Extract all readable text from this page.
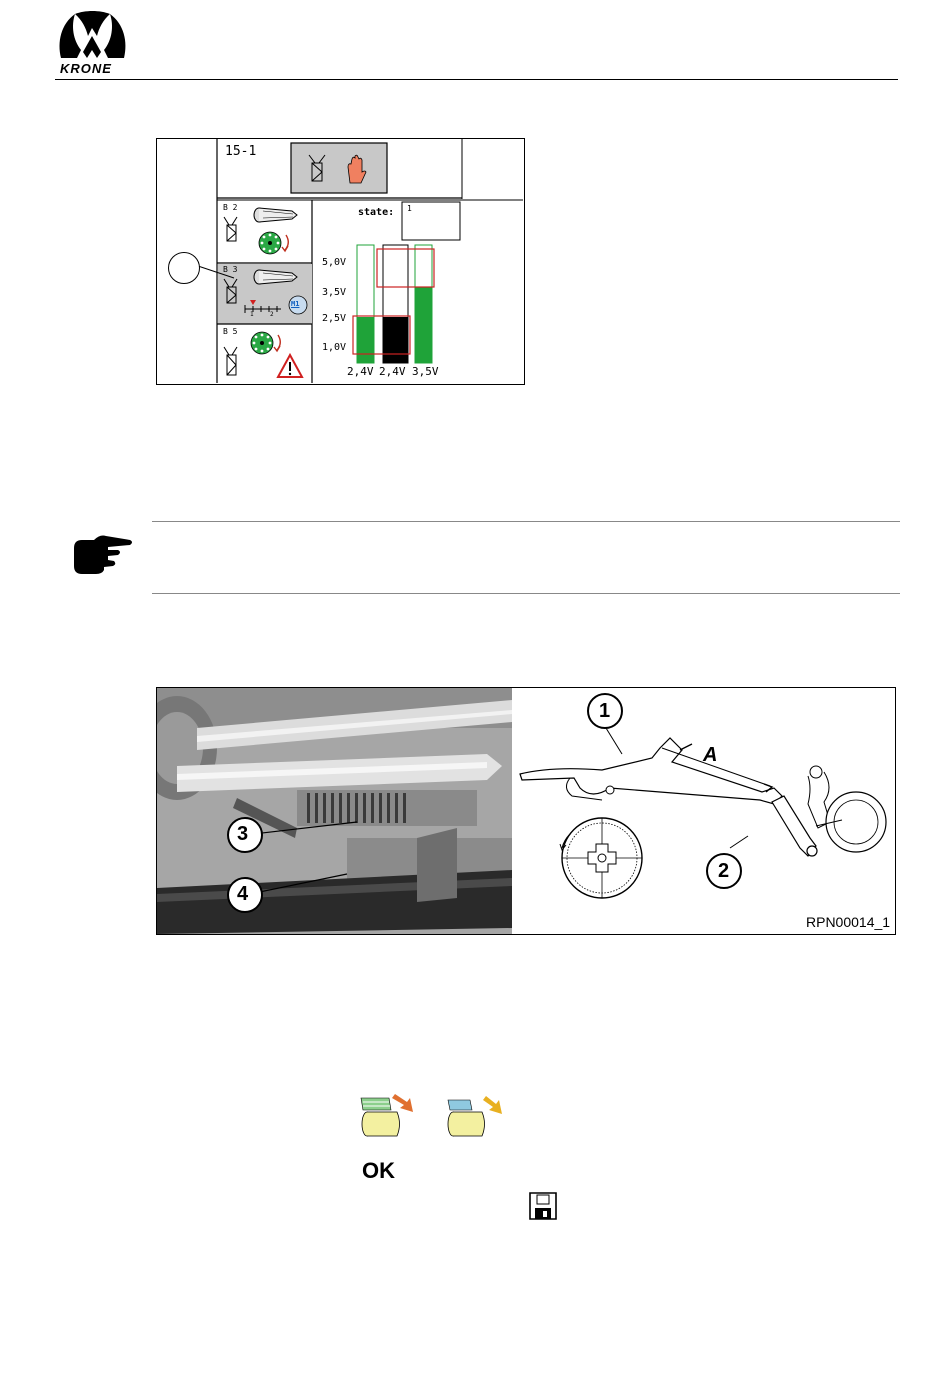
KRONE
15-1
B 2
B 3
1	2
M1
B 5
state: 1
5,0V
3,5V
2,5V
1,0V
2,4V 2,4V 3,5V
3
4
1
2
A
RPN00014_1
OK
